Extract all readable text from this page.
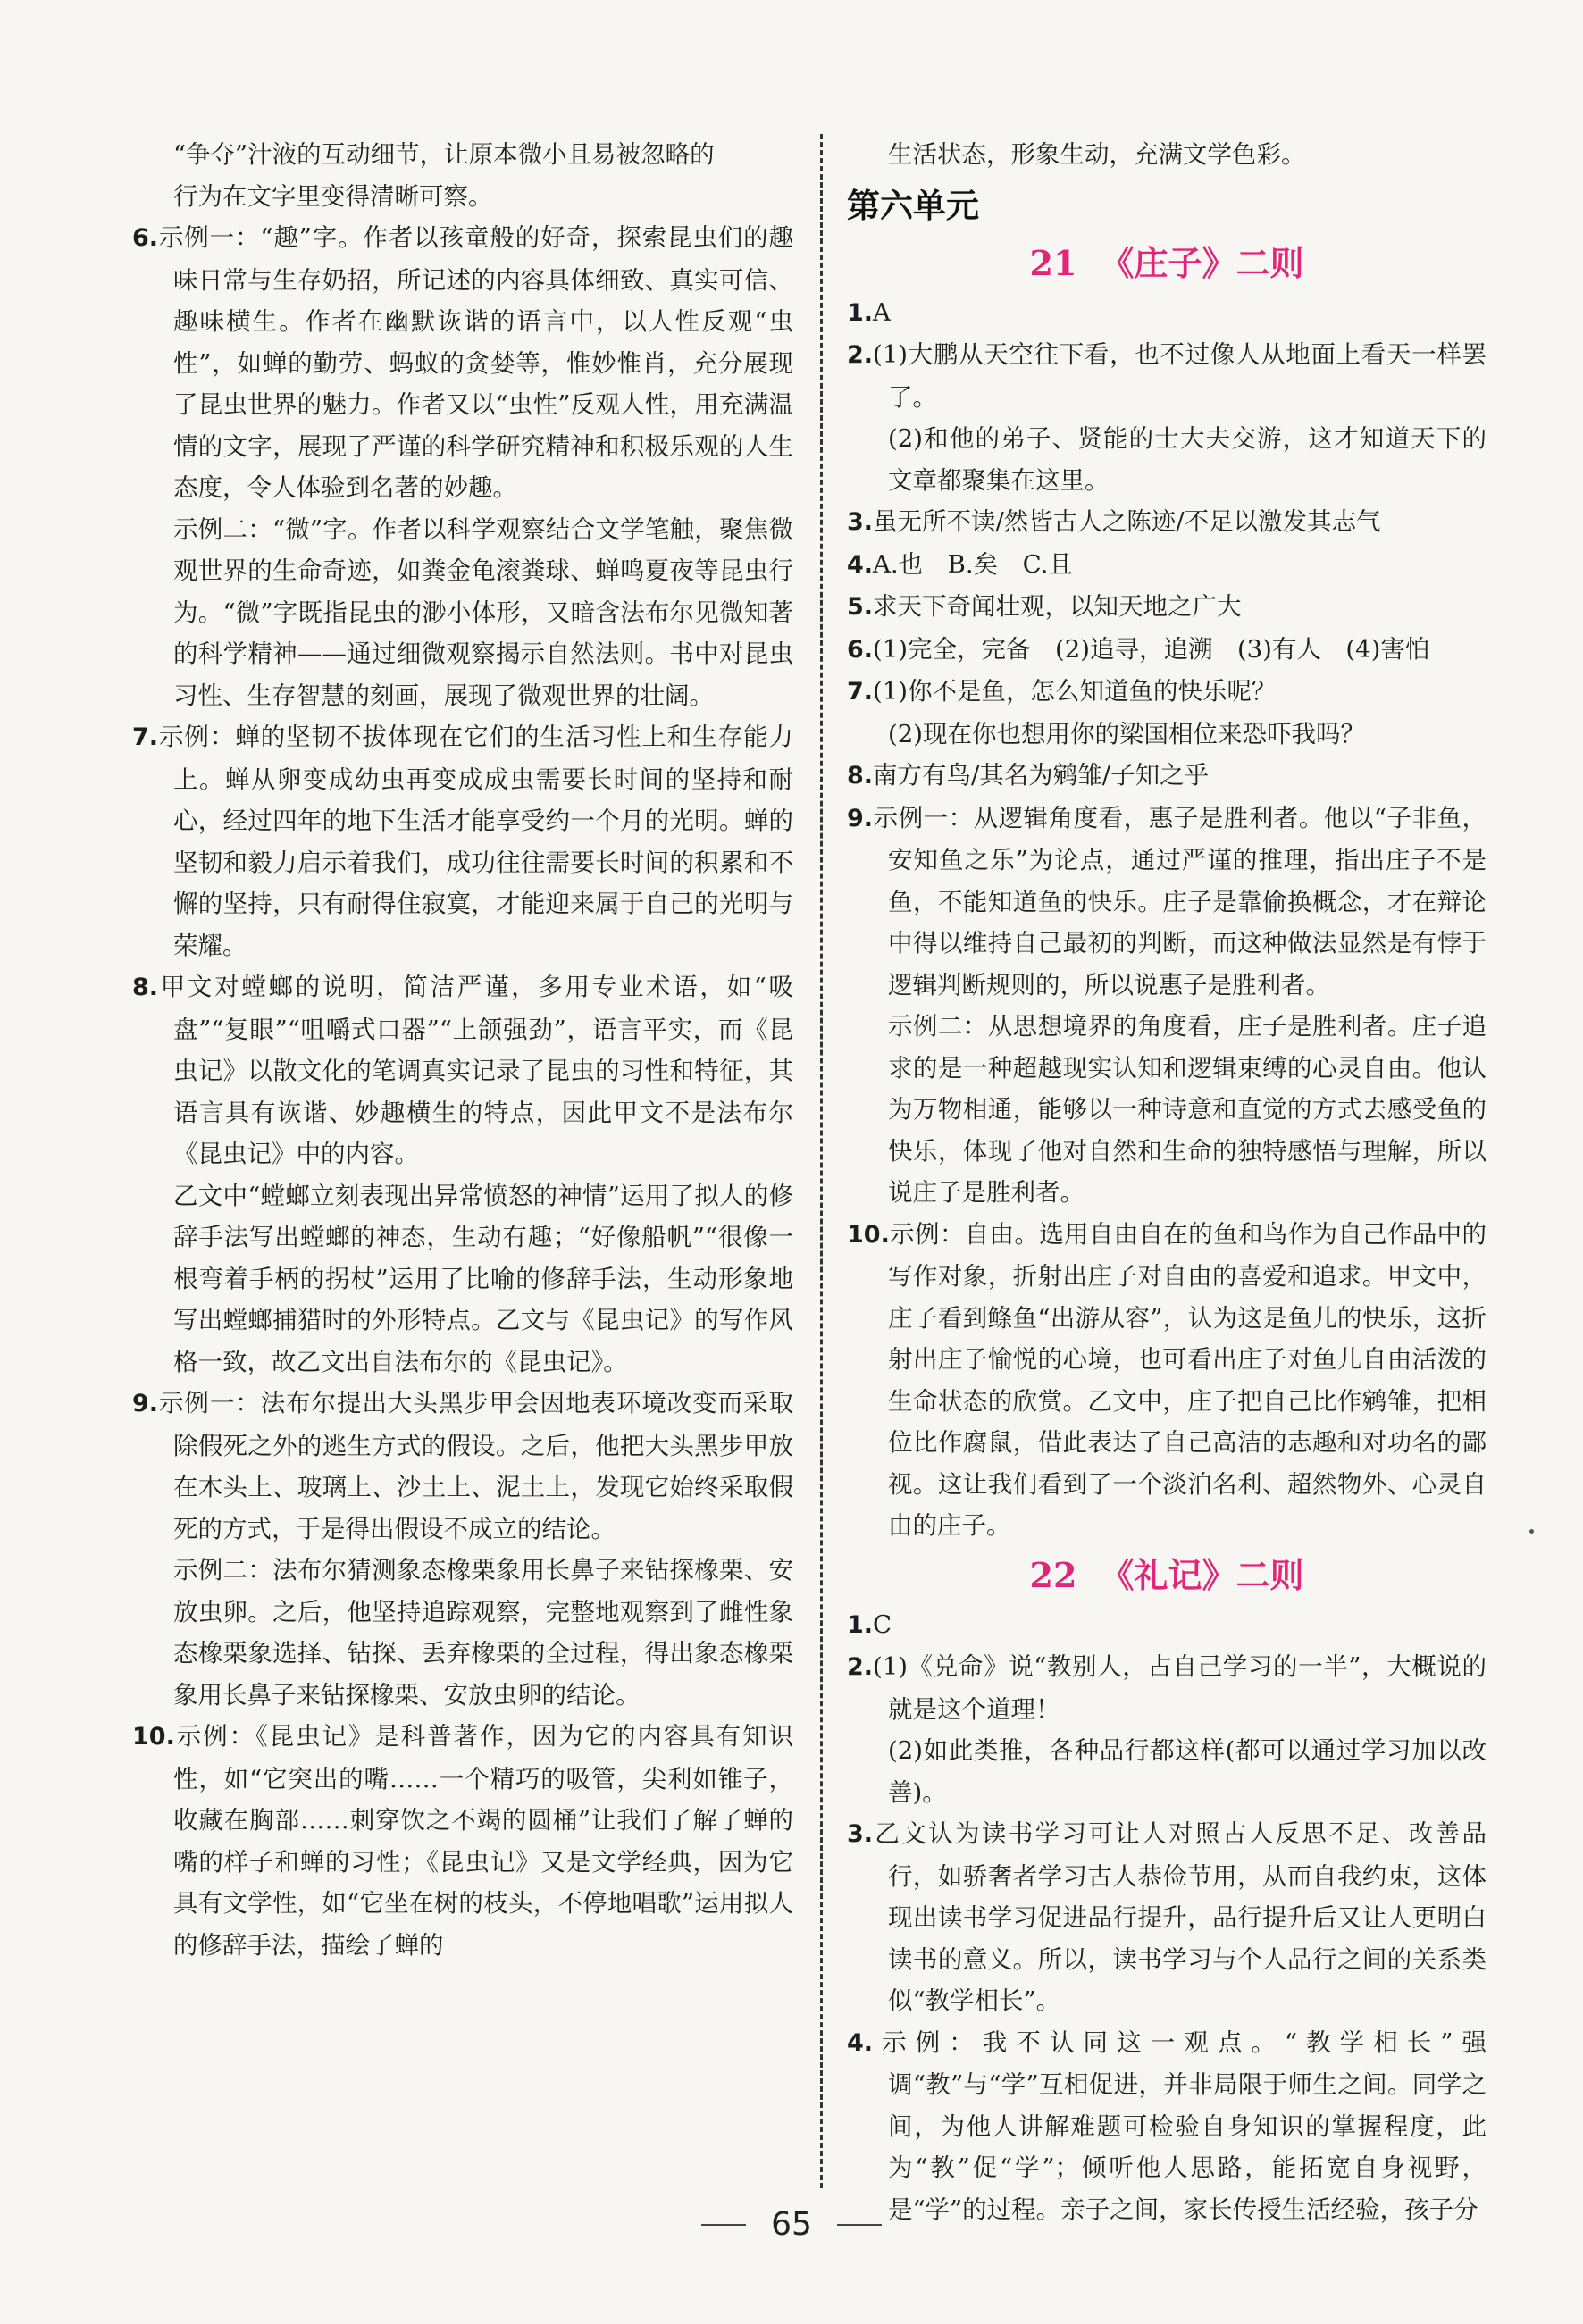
“争夺”汁液的互动细节，让原本微小且易被忽略的

行为在文字里变得清晰可察。

6.示例一：“趣”字。作者以孩童般的好奇，探索昆虫们的趣味日常与生存奶招，所记述的内容具体细致、真实可信、趣味横生。作者在幽默诙谐的语言中，以人性反观“虫性”，如蝉的勤劳、蚂蚁的贪婪等，惟妙惟肖，充分展现了昆虫世界的魅力。作者又以“虫性”反观人性，用充满温情的文字，展现了严谨的科学研究精神和积极乐观的人生态度，令人体验到名著的妙趣。

示例二：“微”字。作者以科学观察结合文学笔触，聚焦微观世界的生命奇迹，如粪金龟滚粪球、蝉鸣夏夜等昆虫行为。“微”字既指昆虫的渺小体形，又暗含法布尔见微知著的科学精神——通过细微观察揭示自然法则。书中对昆虫习性、生存智慧的刻画，展现了微观世界的壮阔。

7.示例：蝉的坚韧不拔体现在它们的生活习性上和生存能力上。蝉从卵变成幼虫再变成成虫需要长时间的坚持和耐心，经过四年的地下生活才能享受约一个月的光明。蝉的坚韧和毅力启示着我们，成功往往需要长时间的积累和不懈的坚持，只有耐得住寂寞，才能迎来属于自己的光明与荣耀。

8.甲文对螳螂的说明，简洁严谨，多用专业术语，如“吸盘”“复眼”“咀嚼式口器”“上颌强劲”，语言平实，而《昆虫记》以散文化的笔调真实记录了昆虫的习性和特征，其语言具有诙谐、妙趣横生的特点，因此甲文不是法布尔《昆虫记》中的内容。

乙文中“螳螂立刻表现出异常愤怒的神情”运用了拟人的修辞手法写出螳螂的神态，生动有趣；“好像船帆”“很像一根弯着手柄的拐杖”运用了比喻的修辞手法，生动形象地写出螳螂捕猎时的外形特点。乙文与《昆虫记》的写作风格一致，故乙文出自法布尔的《昆虫记》。

9.示例一：法布尔提出大头黑步甲会因地表环境改变而采取除假死之外的逃生方式的假设。之后，他把大头黑步甲放在木头上、玻璃上、沙土上、泥土上，发现它始终采取假死的方式，于是得出假设不成立的结论。

示例二：法布尔猜测象态橡栗象用长鼻子来钻探橡栗、安放虫卵。之后，他坚持追踪观察，完整地观察到了雌性象态橡栗象选择、钻探、丢弃橡栗的全过程，得出象态橡栗象用长鼻子来钻探橡栗、安放虫卵的结论。

10.示例：《昆虫记》是科普著作，因为它的内容具有知识性，如“它突出的嘴……一个精巧的吸管，尖利如锥子，收藏在胸部……刺穿饮之不竭的圆桶”让我们了解了蝉的嘴的样子和蝉的习性；《昆虫记》又是文学经典，因为它具有文学性，如“它坐在树的枝头，不停地唱歌”运用拟人的修辞手法，描绘了蝉的

生活状态，形象生动，充满文学色彩。

第六单元
21 《庄子》二则

1.A

2.(1)大鹏从天空往下看，也不过像人从地面上看天一样罢了。

(2)和他的弟子、贤能的士大夫交游，这才知道天下的文章都聚集在这里。

3.虽无所不读/然皆古人之陈迹/不足以激发其志气

4.A.也　B.矣　C.且

5.求天下奇闻壮观，以知天地之广大

6.(1)完全，完备　(2)追寻，追溯　(3)有人　(4)害怕

7.(1)你不是鱼，怎么知道鱼的快乐呢？

(2)现在你也想用你的梁国相位来恐吓我吗？

8.南方有鸟/其名为鹓雏/子知之乎

9.示例一：从逻辑角度看，惠子是胜利者。他以“子非鱼，安知鱼之乐”为论点，通过严谨的推理，指出庄子不是鱼，不能知道鱼的快乐。庄子是靠偷换概念，才在辩论中得以维持自己最初的判断，而这种做法显然是有悖于逻辑判断规则的，所以说惠子是胜利者。

示例二：从思想境界的角度看，庄子是胜利者。庄子追求的是一种超越现实认知和逻辑束缚的心灵自由。他认为万物相通，能够以一种诗意和直觉的方式去感受鱼的快乐，体现了他对自然和生命的独特感悟与理解，所以说庄子是胜利者。

10.示例：自由。选用自由自在的鱼和鸟作为自己作品中的写作对象，折射出庄子对自由的喜爱和追求。甲文中，庄子看到鲦鱼“出游从容”，认为这是鱼儿的快乐，这折射出庄子愉悦的心境，也可看出庄子对鱼儿自由活泼的生命状态的欣赏。乙文中，庄子把自己比作鹓雏，把相位比作腐鼠，借此表达了自己高洁的志趣和对功名的鄙视。这让我们看到了一个淡泊名利、超然物外、心灵自由的庄子。

22 《礼记》二则

1.C

2.(1)《兑命》说“教别人，占自己学习的一半”，大概说的就是这个道理！

(2)如此类推，各种品行都这样(都可以通过学习加以改善)。

3.乙文认为读书学习可让人对照古人反思不足、改善品行，如骄奢者学习古人恭俭节用，从而自我约束，这体现出读书学习促进品行提升，品行提升后又让人更明白读书的意义。所以，读书学习与个人品行之间的关系类似“教学相长”。

4.示例：我不认同这一观点。“教学相长”强调“教”与“学”互相促进，并非局限于师生之间。同学之间，为他人讲解难题可检验自身知识的掌握程度，此为“教”促“学”；倾听他人思路，能拓宽自身视野，是“学”的过程。亲子之间，家长传授生活经验，孩子分

65
